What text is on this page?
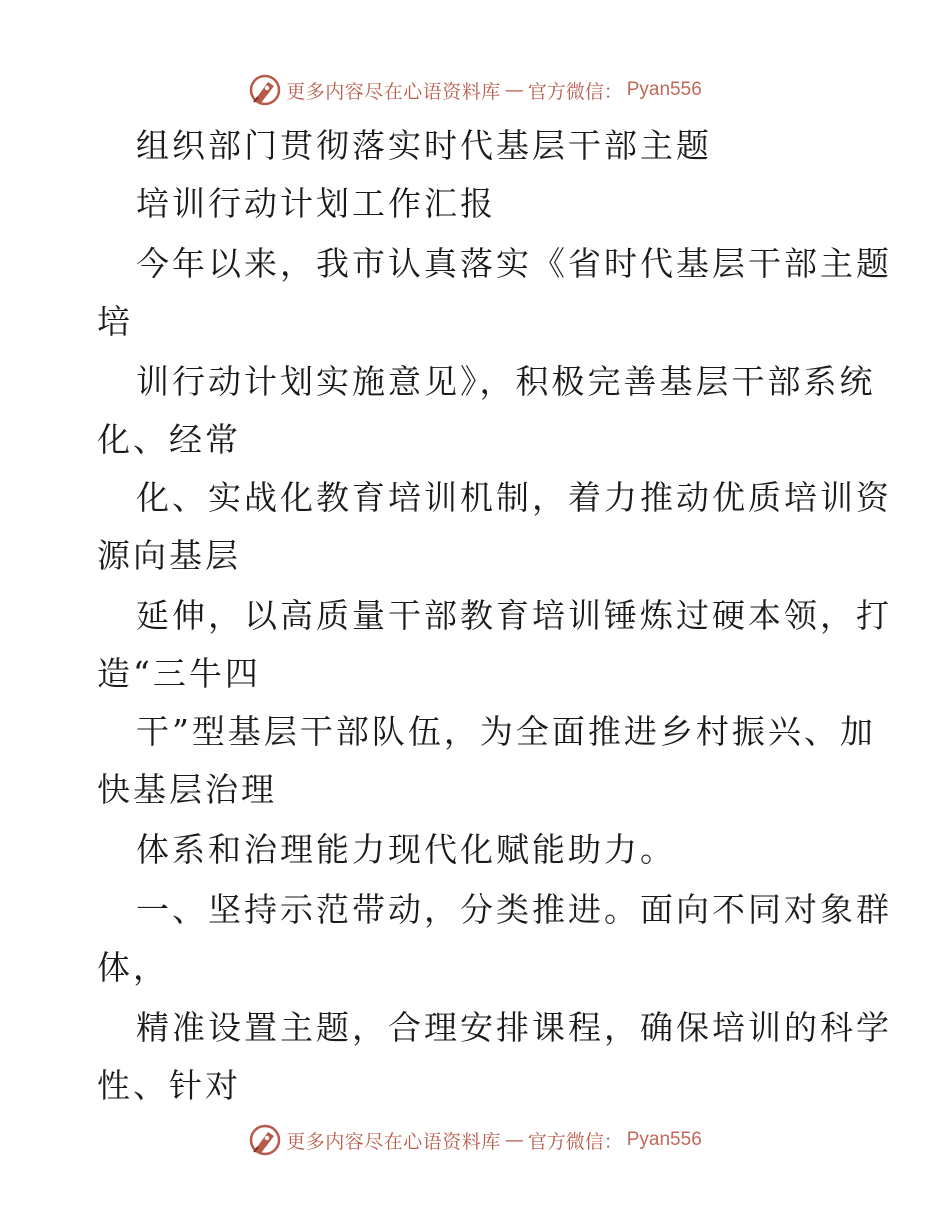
更多内容尽在心语资料库 — 官方微信： Pyan556
组织部门贯彻落实时代基层干部主题
培训行动计划工作汇报
今年以来，我市认真落实《省时代基层干部主题
培
训行动计划实施意见》，积极完善基层干部系统
化、经常
化、实战化教育培训机制，着力推动优质培训资
源向基层
延伸，以高质量干部教育培训锤炼过硬本领，打
造“三牛四
干”型基层干部队伍，为全面推进乡村振兴、加
快基层治理
体系和治理能力现代化赋能助力。
一、坚持示范带动，分类推进。面向不同对象群
体，
精准设置主题，合理安排课程，确保培训的科学
性、针对
更多内容尽在心语资料库 — 官方微信： Pyan556
